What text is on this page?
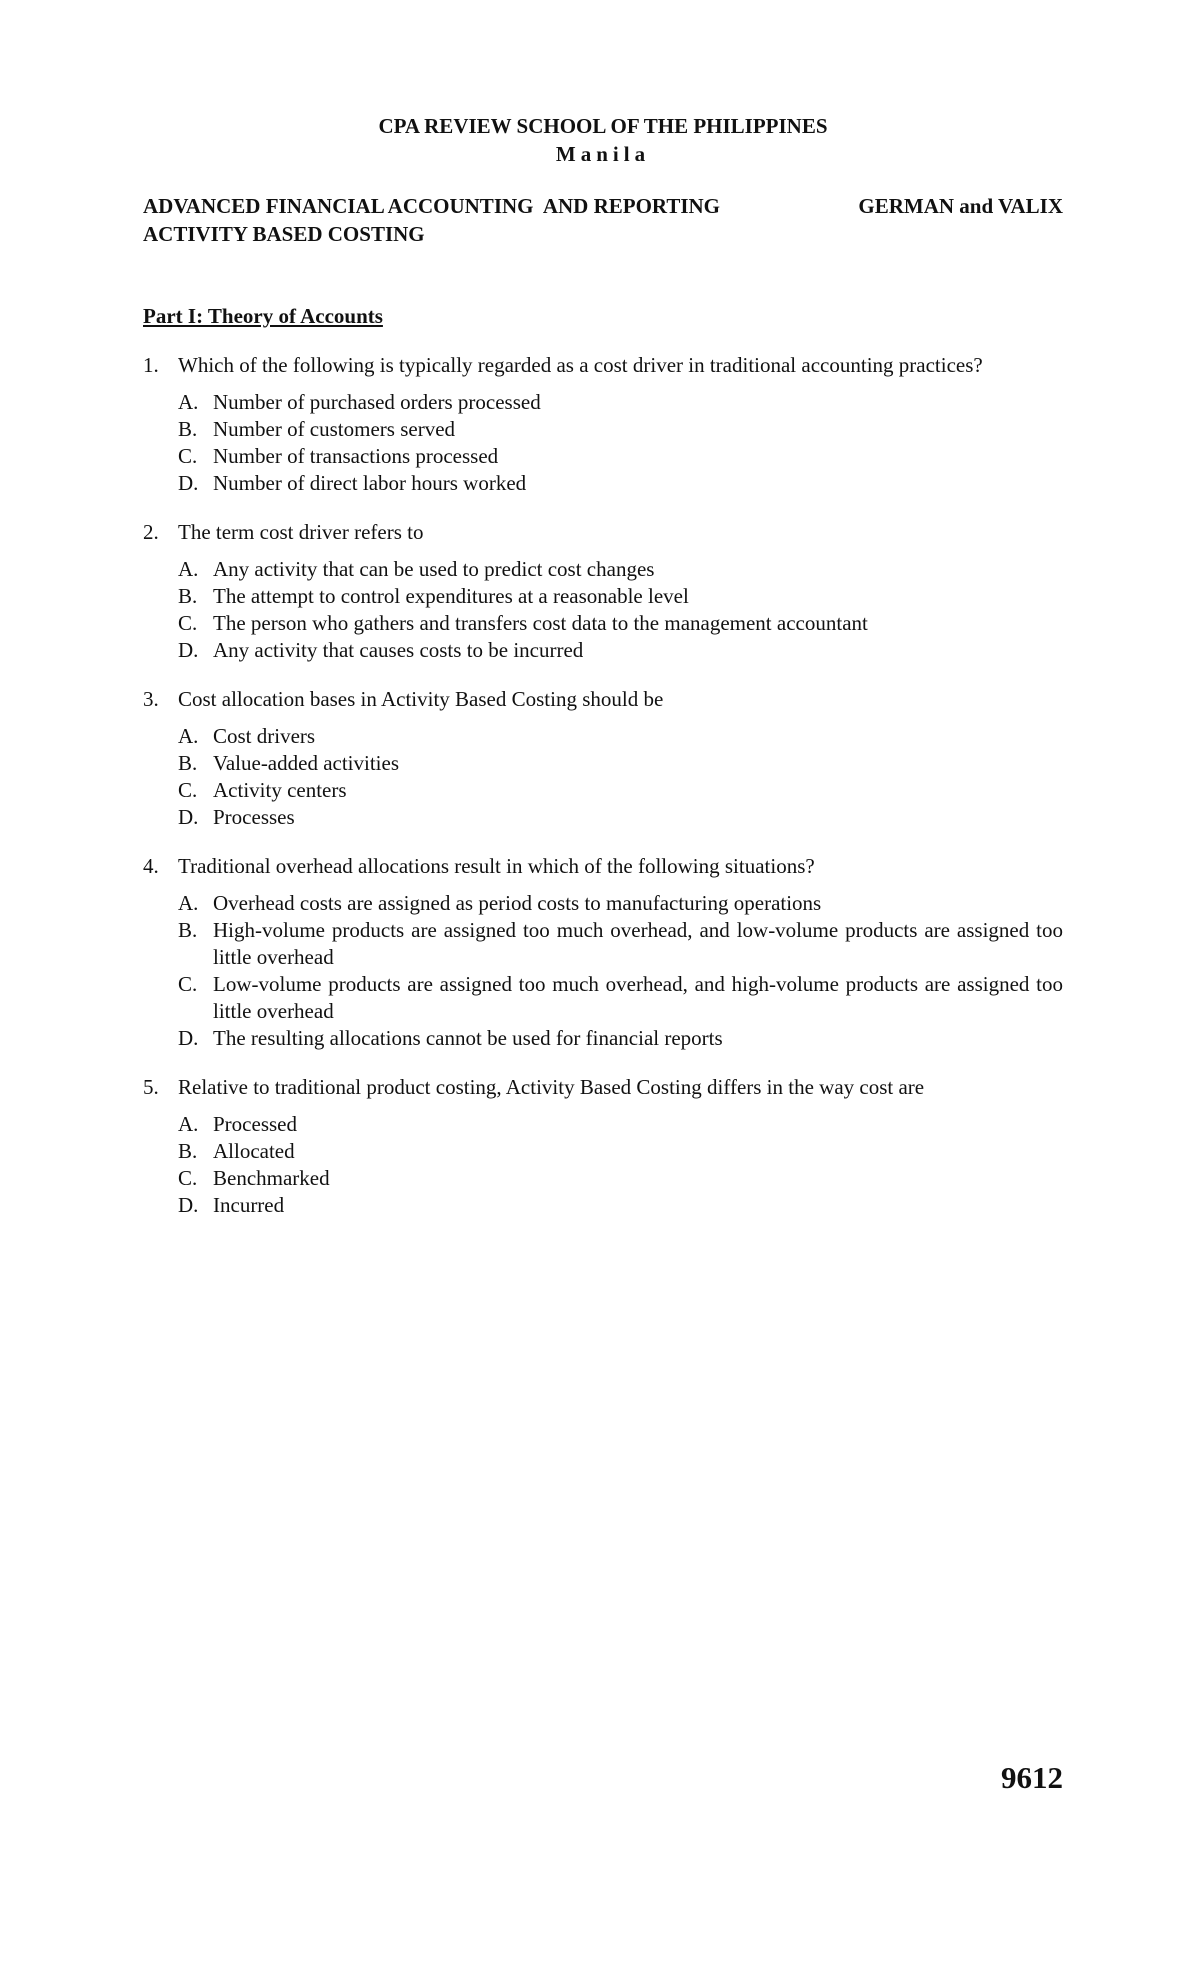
CPA REVIEW SCHOOL OF THE PHILIPPINES
Manila
ADVANCED FINANCIAL ACCOUNTING  AND REPORTING	GERMAN and VALIX
ACTIVITY BASED COSTING
Part I: Theory of Accounts
1. Which of the following is typically regarded as a cost driver in traditional accounting practices?
A. Number of purchased orders processed
B. Number of customers served
C. Number of transactions processed
D. Number of direct labor hours worked
2. The term cost driver refers to
A. Any activity that can be used to predict cost changes
B. The attempt to control expenditures at a reasonable level
C. The person who gathers and transfers cost data to the management accountant
D. Any activity that causes costs to be incurred
3. Cost allocation bases in Activity Based Costing should be
A. Cost drivers
B. Value-added activities
C. Activity centers
D. Processes
4. Traditional overhead allocations result in which of the following situations?
A. Overhead costs are assigned as period costs to manufacturing operations
B. High-volume products are assigned too much overhead, and low-volume products are assigned too little overhead
C. Low-volume products are assigned too much overhead, and high-volume products are assigned too little overhead
D. The resulting allocations cannot be used for financial reports
5. Relative to traditional product costing, Activity Based Costing differs in the way cost are
A. Processed
B. Allocated
C. Benchmarked
D. Incurred
9612
